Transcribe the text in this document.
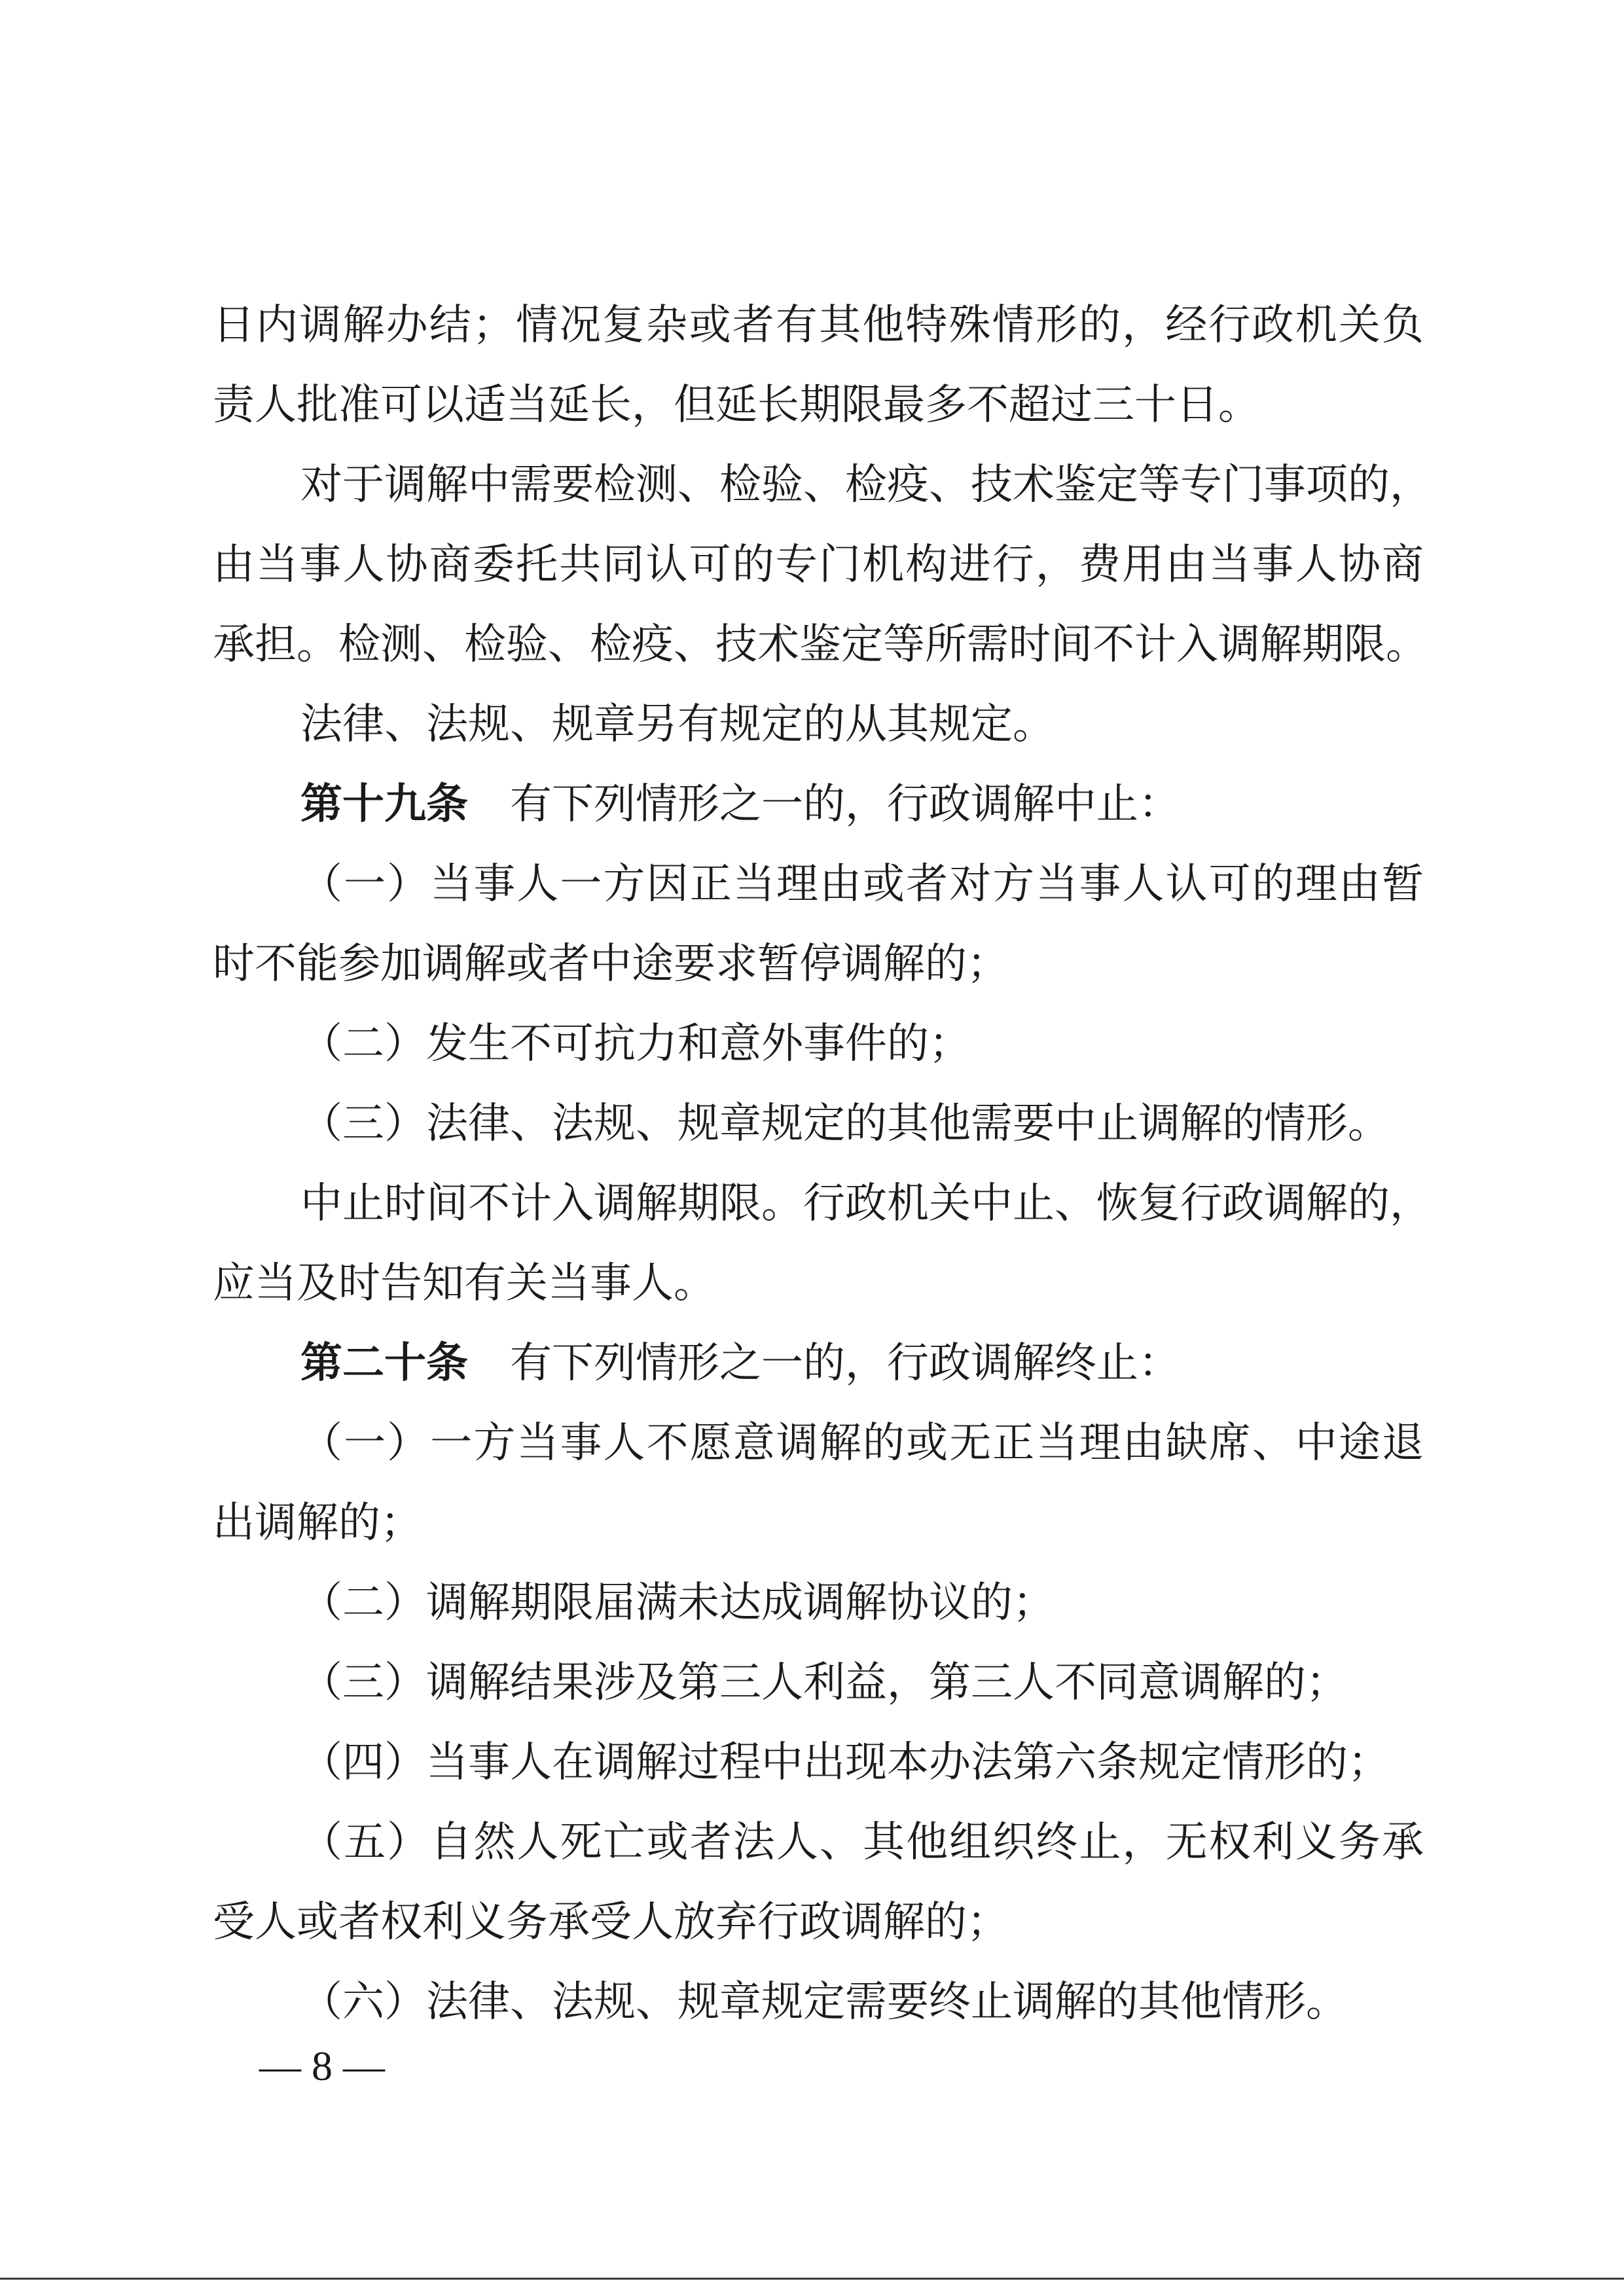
日内调解办结；情况复杂或者有其他特殊情形的，经行政机关负
责人批准可以适当延长，但延长期限最多不超过三十日。
对于调解中需要检测、检验、检疫、技术鉴定等专门事项的，
由当事人协商委托共同认可的专门机构进行，费用由当事人协商
承担。检测、检验、检疫、技术鉴定等所需时间不计入调解期限。
法律、法规、规章另有规定的从其规定。
第十九条 有下列情形之一的，行政调解中止：
（一）当事人一方因正当理由或者对方当事人认可的理由暂
时不能参加调解或者中途要求暂停调解的；
（二）发生不可抗力和意外事件的；
（三）法律、法规、规章规定的其他需要中止调解的情形。
中止时间不计入调解期限。行政机关中止、恢复行政调解的，
应当及时告知有关当事人。
第二十条 有下列情形之一的，行政调解终止：
（一）一方当事人不愿意调解的或无正当理由缺席、中途退
出调解的；
（二）调解期限届满未达成调解协议的；
（三）调解结果涉及第三人利益，第三人不同意调解的；
（四）当事人在调解过程中出现本办法第六条规定情形的；
（五）自然人死亡或者法人、其他组织终止，无权利义务承
受人或者权利义务承受人放弃行政调解的；
（六）法律、法规、规章规定需要终止调解的其他情形。
— 8 —
